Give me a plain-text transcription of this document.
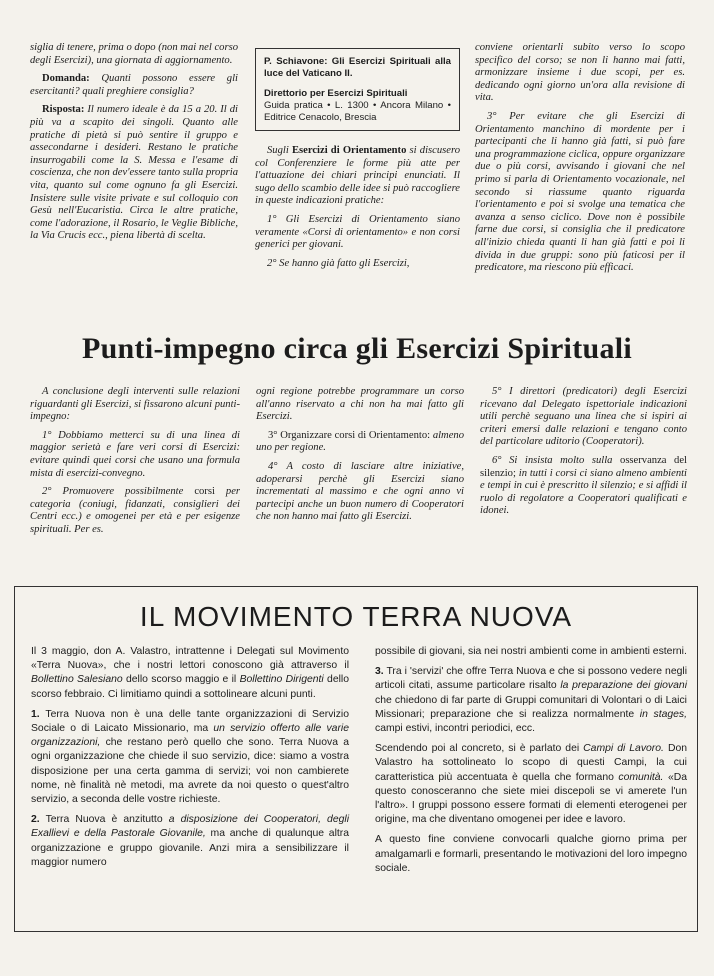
siglia di tenere, prima o dopo (non mai nel corso degli Esercizi), una giornata di aggiornamento.

Domanda: Quanti possono essere gli esercitanti? quali preghiere consiglia?

Risposta: Il numero ideale è da 15 a 20. Il di più va a scapito dei singoli. Quanto alle pratiche di pietà si può sentire il gruppo e assecondarne i desideri. Restano le pratiche insurrogabili come la S. Messa e l'esame di coscienza, che non dev'essere tanto sulla propria vita, quanto sul come ognuno fa gli Esercizi. Insistere sulle visite private e sul colloquio con Gesù nell'Eucaristia. Circa le altre pratiche, come l'adorazione, il Rosario, le Veglie Bibliche, la Via Crucis ecc., piena libertà di scelta.

P. Schiavone: Gli Esercizi Spirituali alla luce del Vaticano II.
Direttorio per Esercizi Spirituali
Guida pratica • L. 1300 • Ancora Milano • Editrice Cenacolo, Brescia

Sugli Esercizi di Orientamento si discusero col Conferenziere le forme più atte per l'attuazione dei chiari principi enunciati. Il sugo dello scambio delle idee si può raccogliere in queste indicazioni pratiche:

1° Gli Esercizi di Orientamento siano veramente «Corsi di orientamento» e non corsi generici per giovani.

2° Se hanno già fatto gli Esercizi,

conviene orientarli subito verso lo scopo specifico del corso; se non li hanno mai fatti, armonizzare insieme i due scopi, per es. dedicando ogni giorno un'ora alla revisione di vita.

3° Per evitare che gli Esercizi di Orientamento manchino di mordente per i partecipanti che li hanno già fatti, si può fare una programmazione ciclica, oppure organizzare due o più corsi, avvisando i giovani che nel primo si parla di Orientamento vocazionale, nel secondo si riassume quanto riguarda l'orientamento e poi si svolge una tematica che avanza a senso ciclico. Dove non è possibile farne due corsi, si consiglia che il predicatore all'inizio chieda quanti li han già fatti e poi li divida in due gruppi: sono più faticosi per il predicatore, ma riescono più efficaci.

Punti-impegno circa gli Esercizi Spirituali

A conclusione degli interventi sulle relazioni riguardanti gli Esercizi, si fissarono alcuni punti-impegno:

1° Dobbiamo metterci su di una linea di maggior serietà e fare veri corsi di Esercizi: evitare quindi quei corsi che usano una formula mista di esercizi-convegno.

2° Promuovere possibilmente corsi per categoria (coniugi, fidanzati, consiglieri dei Centri ecc.) e omogenei per età e per esigenze spirituali. Per es.

ogni regione potrebbe programmare un corso all'anno riservato a chi non ha mai fatto gli Esercizi.

3° Organizzare corsi di Orientamento: almeno uno per regione.

4° A costo di lasciare altre iniziative, adoperarsi perchè gli Esercizi siano incrementati al massimo e che ogni anno vi partecipi anche un buon numero di Cooperatori che non hanno mai fatto gli Esercizi.

5° I direttori (predicatori) degli Esercizi ricevano dal Delegato ispettoriale indicazioni utili perchè seguano una linea che si ispiri ai criteri emersi dalle relazioni e tengano conto del particolare uditorio (Cooperatori).

6° Si insista molto sulla osservanza del silenzio; in tutti i corsi ci siano almeno ambienti e tempi in cui è prescritto il silenzio; e si affidi il ruolo di regolatore a Cooperatori qualificati e idonei.

IL MOVIMENTO TERRA NUOVA

Il 3 maggio, don A. Valastro, intrattenne i Delegati sul Movimento «Terra Nuova», che i nostri lettori conoscono già attraverso il Bollettino Salesiano dello scorso maggio e il Bollettino Dirigenti dello scorso febbraio. Ci limitiamo quindi a sottolineare alcuni punti.

1. Terra Nuova non è una delle tante organizzazioni di Servizio Sociale o di Laicato Missionario, ma un servizio offerto alle varie organizzazioni, che restano però quello che sono. Terra Nuova a ogni organizzazione che chiede il suo servizio, dice: siamo a vostra disposizione per una certa gamma di servizi; voi non cambierete nome, nè finalità nè metodi, ma avrete da noi questo o quest'altro servizio, a seconda delle vostre richieste.

2. Terra Nuova è anzitutto a disposizione dei Cooperatori, degli Exallievi e della Pastorale Giovanile, ma anche di qualunque altra organizzazione e gruppo giovanile. Anzi mira a sensibilizzare il maggior numero

possibile di giovani, sia nei nostri ambienti come in ambienti esterni.

3. Tra i 'servizi' che offre Terra Nuova e che si possono vedere negli articoli citati, assume particolare risalto la preparazione dei giovani che chiedono di far parte di Gruppi comunitari di Volontari o di Laici Missionari; preparazione che si realizza normalmente in stages, campi estivi, incontri periodici, ecc.

Scendendo poi al concreto, si è parlato dei Campi di Lavoro. Don Valastro ha sottolineato lo scopo di questi Campi, la cui caratteristica più accentuata è quella che formano comunità. «Da questo conosceranno che siete miei discepoli se vi amerete l'un l'altro». I gruppi possono essere formati di elementi eterogenei per origine, ma che diventano omogenei per idee e lavoro.

A questo fine conviene convocarli qualche giorno prima per amalgamarli e formarli, presentando le motivazioni del loro impegno sociale.
